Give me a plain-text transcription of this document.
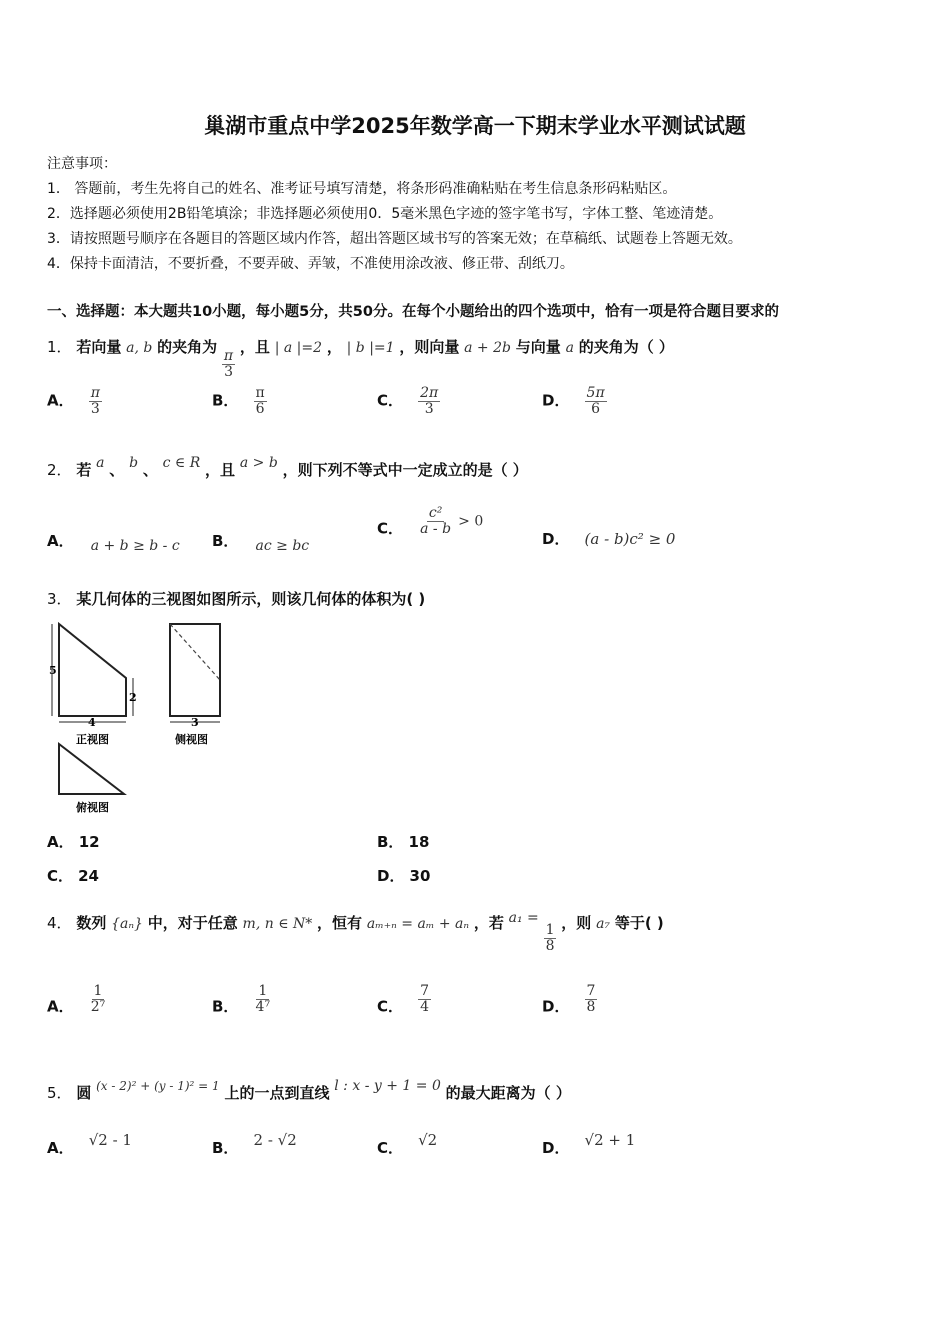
巢湖市重点中学2025年数学高一下期末学业水平测试试题
注意事项：
1． 答题前，考生先将自己的姓名、准考证号填写清楚，将条形码准确粘贴在考生信息条形码粘贴区。
2．选择题必须使用2B铅笔填涂；非选择题必须使用0．5毫米黑色字迹的签字笔书写，字体工整、笔迹清楚。
3．请按照题号顺序在各题目的答题区域内作答，超出答题区域书写的答案无效；在草稿纸、试题卷上答题无效。
4．保持卡面清洁，不要折叠，不要弄破、弄皱，不准使用涂改液、修正带、刮纸刀。
一、选择题：本大题共10小题，每小题5分，共50分。在每个小题给出的四个选项中，恰有一项是符合题目要求的
1． 若向量 a, b 的夹角为
$\frac{\pi}{3}$
，且 | a |=2 ， | b |=1 ，则向量 a + 2b 与向量 a 的夹角为（ ）
A． $\frac{\pi}{3}$	B． $\frac{\pi}{6}$	C． $\frac{2\pi}{3}$	D． $\frac{5\pi}{6}$
2． 若 a 、 b 、 c ∈ R ，且 a > b ，则下列不等式中一定成立的是（ ）
A． a + b ≥ b - c B． ac ≥ bc
C． $\frac{\text{c²}}{a - b} > 0$
D． (a - b)c² ≥ 0
3． 某几何体的三视图如图所示，则该几何体的体积为( )
5
2
4
正视图
3
侧视图
俯视图
A． 12	B． 18
C． 24	D． 30
4． 数列 {aₙ} 中，对于任意 m, n ∈ N* ，恒有 aₘ₊ₙ = aₘ + aₙ ，若 a₁ =
$\frac{1}{8}$ ，则 a₇ 等于( )
A． $\frac{1}{\text{2⁷}}$	B． $\frac{1}{\text{4⁷}}$	C． $\frac{7}{4}$	D． $\frac{7}{8}$
5． 圆 $^{(x - 2)^2 + (y - 1)^2 = 1}$ 上的一点到直线 l : x - y + 1 = 0 的最大距离为（ ）
A． √2 - 1	B． 2 - √2	C． √2	D． √2 + 1
